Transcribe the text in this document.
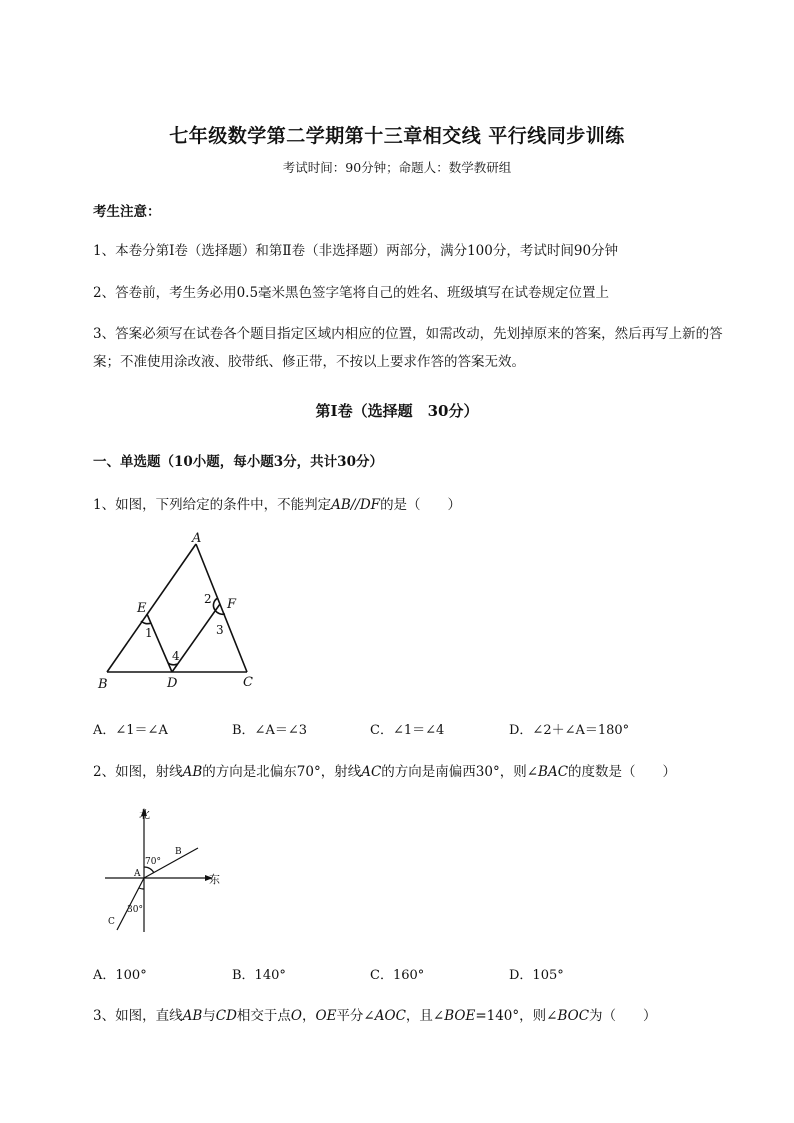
七年级数学第二学期第十三章相交线 平行线同步训练
考试时间：90分钟；命题人：数学教研组
考生注意：
1、本卷分第Ⅰ卷（选择题）和第Ⅱ卷（非选择题）两部分，满分100分，考试时间90分钟
2、答卷前，考生务必用0.5毫米黑色签字笔将自己的姓名、班级填写在试卷规定位置上
3、答案必须写在试卷各个题目指定区域内相应的位置，如需改动，先划掉原来的答案，然后再写上新的答案；不准使用涂改液、胶带纸、修正带，不按以上要求作答的答案无效。
第Ⅰ卷（选择题　30分）
一、单选题（10小题，每小题3分，共计30分）
1、如图，下列给定的条件中，不能判定AB//DF的是（　　）
A
B	C
D
E	F
1
2
3
4
A．∠1＝∠A	B．∠A＝∠3	C．∠1＝∠4	D．∠2＋∠A＝180°
2、如图，射线AB的方向是北偏东70°，射线AC的方向是南偏西30°，则∠BAC的度数是（　　）
北
东
A
B
C
70°
30°
A．100°	B．140°	C．160°	D．105°
3、如图，直线AB与CD相交于点O，OE平分∠AOC，且∠BOE=140°，则∠BOC为（　　）
